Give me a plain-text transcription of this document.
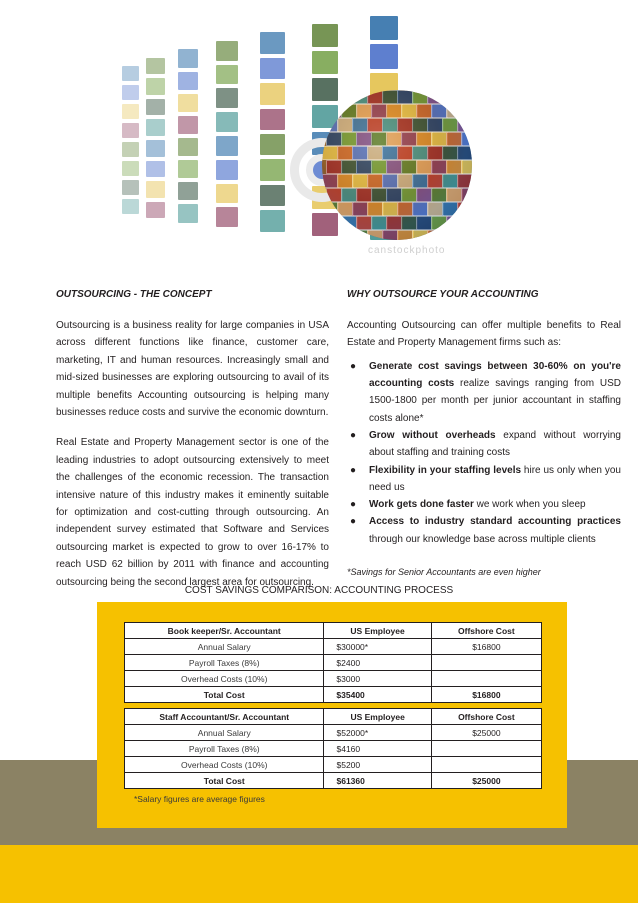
canstockphoto
OUTSOURCING - THE CONCEPT

Outsourcing is a business reality for large companies in USA across different functions like finance, customer care, marketing, IT and human resources. Increasingly small and mid-sized businesses are exploring outsourcing to avail of its multiple benefits Accounting outsourcing is helping many businesses reduce costs and survive the economic downturn.

Real Estate and Property Management sector is one of the leading industries to adopt outsourcing extensively to meet the challenges of the economic recession. The transaction intensive nature of this industry makes it eminently suitable for optimization and cost-cutting through outsourcing. An independent survey estimated that Software and Services outsourcing market is expected to grow to over 16-17% to reach USD 62 billion by 2011 with finance and accounting outsourcing being the second largest area for outsourcing.

WHY OUTSOURCE YOUR ACCOUNTING

Accounting Outsourcing can offer multiple benefits to Real Estate and Property Management firms such as:

● Generate cost savings between 30-60% on you're accounting costs realize savings ranging from USD 1500-1800 per month per junior accountant in staffing costs alone*
● Grow without overheads expand without worrying about staffing and training costs
● Flexibility in your staffing levels hire us only when you need us
● Work gets done faster we work when you sleep
● Access to industry standard accounting practices through our knowledge base across multiple clients
*Savings for Senior Accountants are even higher
COST SAVINGS COMPARISON: ACCOUNTING PROCESS
Book keeper/Sr. Accountant	US Employee	Offshore Cost
Annual Salary	$30000*	$16800
Payroll Taxes (8%)	$2400	
Overhead Costs (10%)	$3000	
Total Cost	$35400	$16800
Staff Accountant/Sr. Accountant	US Employee	Offshore Cost
Annual Salary	$52000*	$25000
Payroll Taxes (8%)	$4160	
Overhead Costs (10%)	$5200	
Total Cost	$61360	$25000
*Salary figures are average figures
